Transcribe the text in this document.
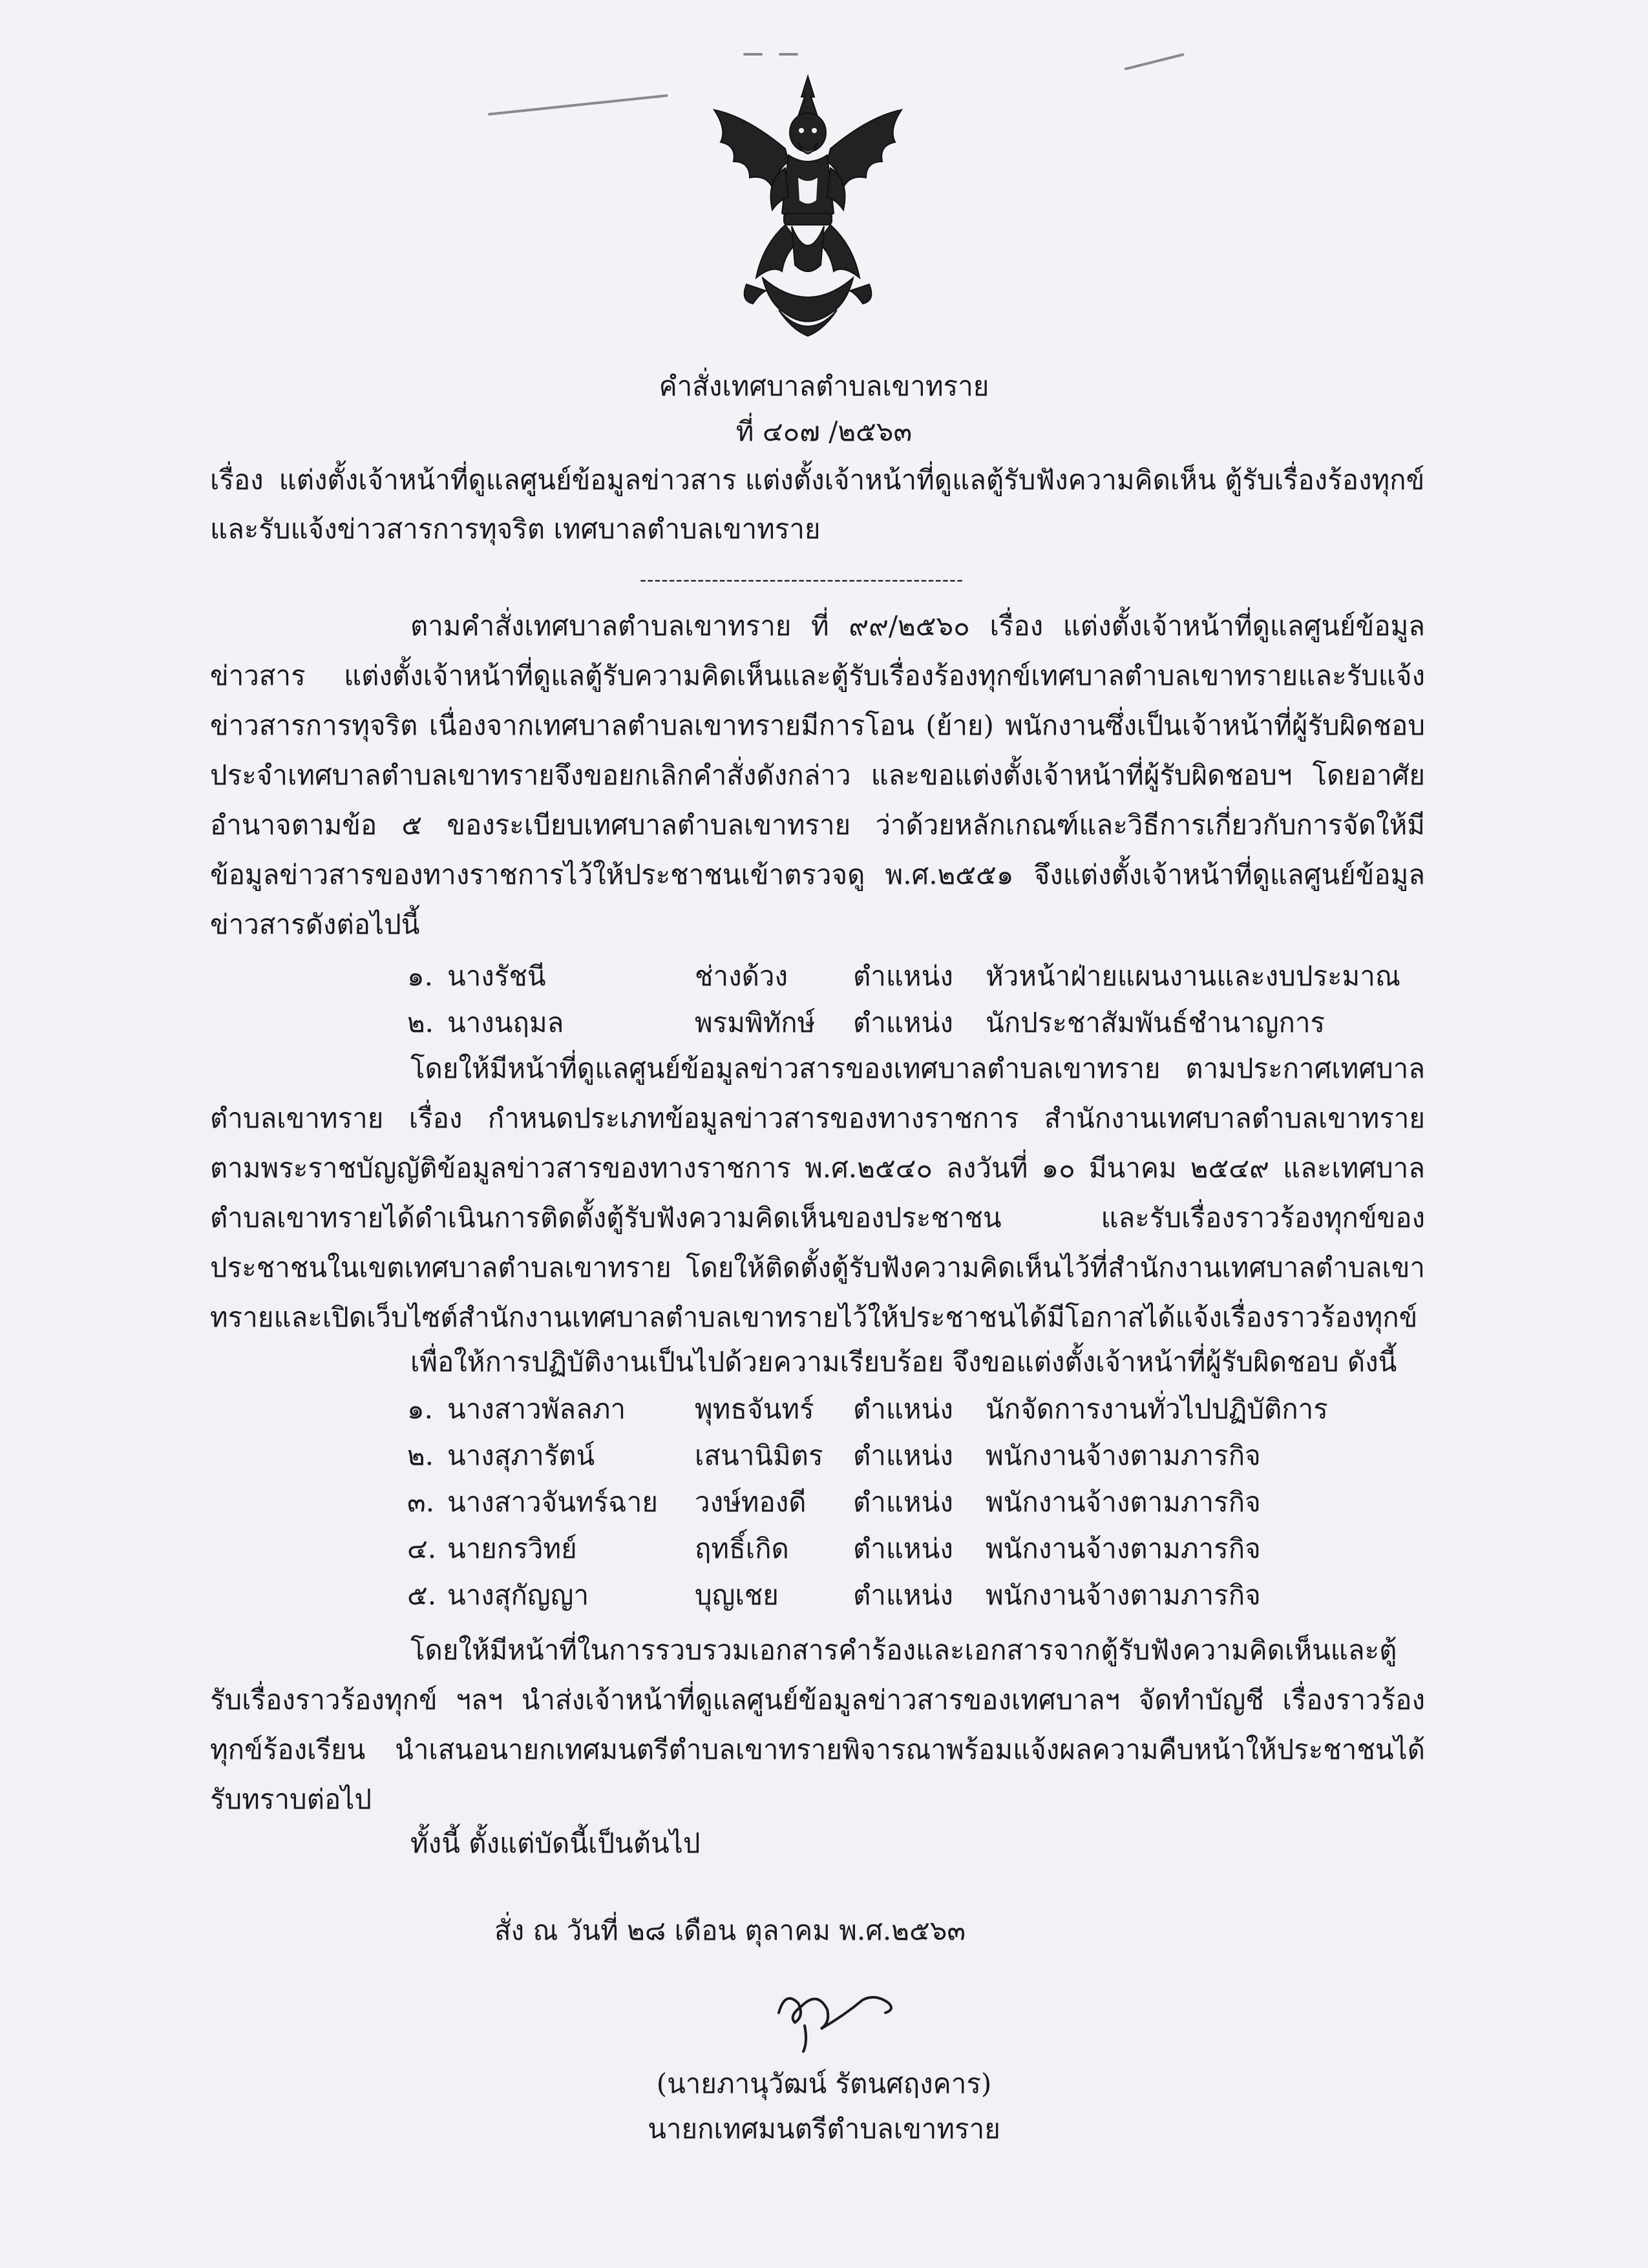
คำสั่งเทศบาลตำบลเขาทราย
ที่ ๔๐๗ /๒๕๖๓
เรื่อง แต่งตั้งเจ้าหน้าที่ดูแลศูนย์ข้อมูลข่าวสาร แต่งตั้งเจ้าหน้าที่ดูแลตู้รับฟังความคิดเห็น ตู้รับเรื่องร้องทุกข์และรับแจ้งข่าวสารการทุจริต เทศบาลตำบลเขาทราย
---------------------------------------------
ตามคำสั่งเทศบาลตำบลเขาทราย ที่ ๙๙/๒๕๖๐ เรื่อง แต่งตั้งเจ้าหน้าที่ดูแลศูนย์ข้อมูลข่าวสาร แต่งตั้งเจ้าหน้าที่ดูแลตู้รับความคิดเห็นและตู้รับเรื่องร้องทุกข์เทศบาลตำบลเขาทรายและรับแจ้งข่าวสารการทุจริต เนื่องจากเทศบาลตำบลเขาทรายมีการโอน (ย้าย) พนักงานซึ่งเป็นเจ้าหน้าที่ผู้รับผิดชอบประจำเทศบาลตำบลเขาทรายจึงขอยกเลิกคำสั่งดังกล่าว และขอแต่งตั้งเจ้าหน้าที่ผู้รับผิดชอบฯ โดยอาศัยอำนาจตามข้อ ๕ ของระเบียบเทศบาลตำบลเขาทราย ว่าด้วยหลักเกณฑ์และวิธีการเกี่ยวกับการจัดให้มีข้อมูลข่าวสารของทางราชการไว้ให้ประชาชนเข้าตรวจดู พ.ศ.๒๕๕๑ จึงแต่งตั้งเจ้าหน้าที่ดูแลศูนย์ข้อมูลข่าวสารดังต่อไปนี้
๑. นางรัชนี	ช่างด้วง ตำแหน่ง หัวหน้าฝ่ายแผนงานและงบประมาณ
๒. นางนฤมล	พรมพิทักษ์ ตำแหน่ง นักประชาสัมพันธ์ชำนาญการ
โดยให้มีหน้าที่ดูแลศูนย์ข้อมูลข่าวสารของเทศบาลตำบลเขาทราย ตามประกาศเทศบาลตำบลเขาทราย เรื่อง กำหนดประเภทข้อมูลข่าวสารของทางราชการ สำนักงานเทศบาลตำบลเขาทรายตามพระราชบัญญัติข้อมูลข่าวสารของทางราชการ พ.ศ.๒๕๔๐ ลงวันที่ ๑๐ มีนาคม ๒๕๔๙ และเทศบาลตำบลเขาทรายได้ดำเนินการติดตั้งตู้รับฟังความคิดเห็นของประชาชน และรับเรื่องราวร้องทุกข์ของประชาชนในเขตเทศบาลตำบลเขาทราย โดยให้ติดตั้งตู้รับฟังความคิดเห็นไว้ที่สำนักงานเทศบาลตำบลเขาทรายและเปิดเว็บไซต์สำนักงานเทศบาลตำบลเขาทรายไว้ให้ประชาชนได้มีโอกาสได้แจ้งเรื่องราวร้องทุกข์
เพื่อให้การปฏิบัติงานเป็นไปด้วยความเรียบร้อย จึงขอแต่งตั้งเจ้าหน้าที่ผู้รับผิดชอบ ดังนี้
๑. นางสาวพัลลภา	พุทธจันทร์ ตำแหน่ง นักจัดการงานทั่วไปปฏิบัติการ
๒. นางสุภารัตน์	เสนานิมิตร ตำแหน่ง พนักงานจ้างตามภารกิจ
๓. นางสาวจันทร์ฉาย วงษ์ทองดี ตำแหน่ง พนักงานจ้างตามภารกิจ
๔. นายกรวิทย์	ฤทธิ์เกิด ตำแหน่ง พนักงานจ้างตามภารกิจ
๕. นางสุกัญญา	บุญเชย	ตำแหน่ง พนักงานจ้างตามภารกิจ
โดยให้มีหน้าที่ในการรวบรวมเอกสารคำร้องและเอกสารจากตู้รับฟังความคิดเห็นและตู้รับเรื่องราวร้องทุกข์ ฯลฯ นำส่งเจ้าหน้าที่ดูแลศูนย์ข้อมูลข่าวสารของเทศบาลฯ จัดทำบัญชี เรื่องราวร้องทุกข์ร้องเรียน นำเสนอนายกเทศมนตรีตำบลเขาทรายพิจารณาพร้อมแจ้งผลความคืบหน้าให้ประชาชนได้รับทราบต่อไป
ทั้งนี้ ตั้งแต่บัดนี้เป็นต้นไป
สั่ง ณ วันที่ ๒๘ เดือน ตุลาคม พ.ศ.๒๕๖๓
(นายภานุวัฒน์ รัตนศฤงคาร)
นายกเทศมนตรีตำบลเขาทราย
